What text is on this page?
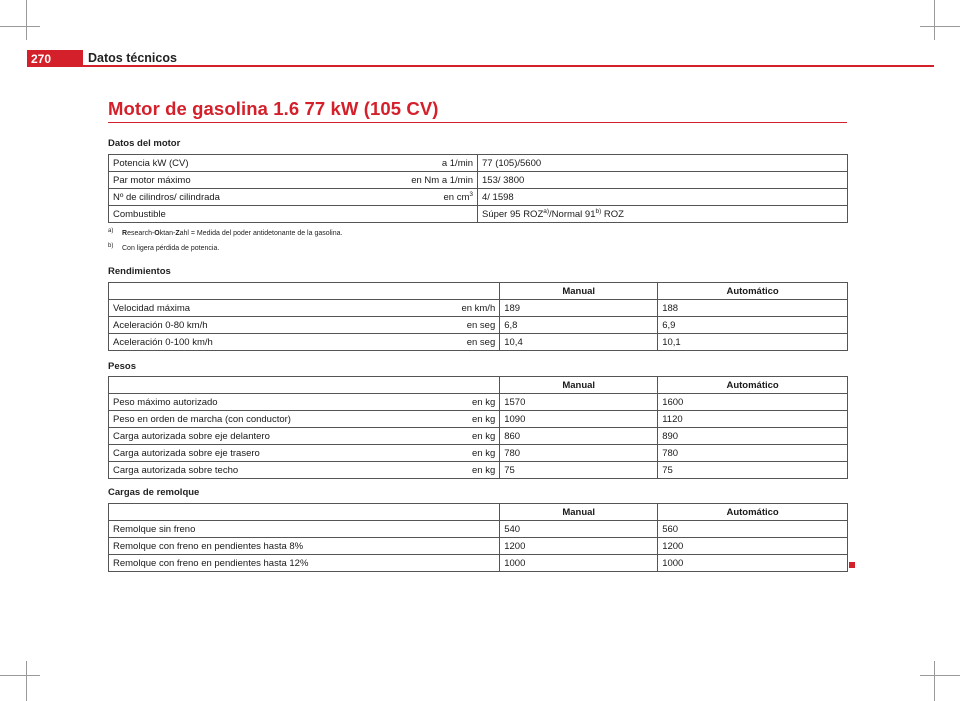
270	Datos técnicos
Motor de gasolina 1.6 77 kW (105 CV)
Datos del motor
Potencia kW (CV) a 1/min	77 (105)/5600
Par motor máximo en Nm a 1/min	153/ 3800
Nº de cilindros/ cilindrada en $cm^3$	4/ 1598
Combustible	Súper 95 ROZ$^{a)}$/Normal 91$^{b)}$ ROZ
a) Research-Oktan-Zahl = Medida del poder antidetonante de la gasolina.
b) Con ligera pérdida de potencia.
Rendimientos
	Manual	Automático
Velocidad máxima en km/h	189	188
Aceleración 0-80 km/h en seg	6,8	6,9
Aceleración 0-100 km/h en seg	10,4	10,1
Pesos
	Manual	Automático
Peso máximo autorizado en kg	1570	1600
Peso en orden de marcha (con conductor) en kg	1090	1120
Carga autorizada sobre eje delantero en kg	860	890
Carga autorizada sobre eje trasero en kg	780	780
Carga autorizada sobre techo en kg	75	75
Cargas de remolque
	Manual	Automático
Remolque sin freno	540	560
Remolque con freno en pendientes hasta 8%	1200	1200
Remolque con freno en pendientes hasta 12%	1000	1000
